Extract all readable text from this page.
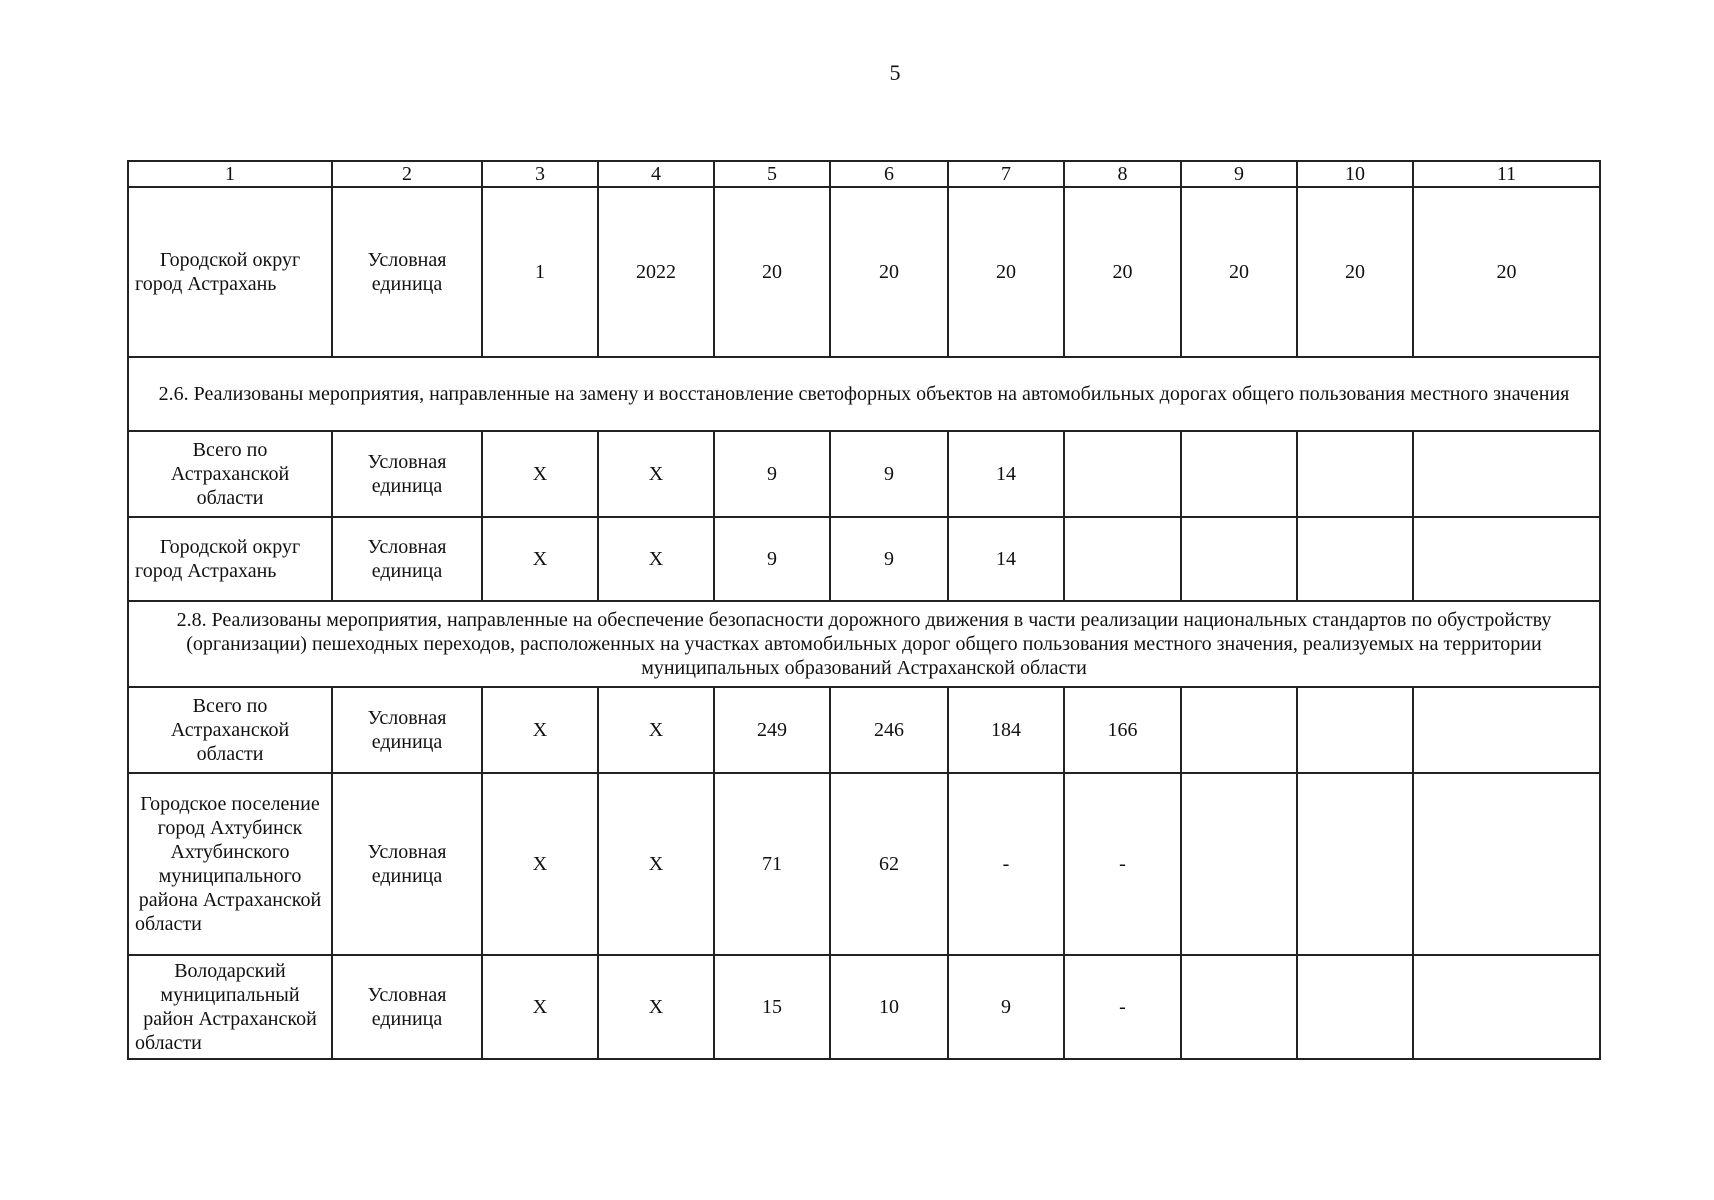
5
1	2	3	4	5	6	7	8	9	10	11
Городской округ город Астрахань	Условная единица	1	2022	20	20	20	20	20	20	20
2.6. Реализованы мероприятия, направленные на замену и восстановление светофорных объектов на автомобильных дорогах общего пользования местного значения										
Всего по Астраханской области	Условная единица	Х	Х	9	9	14				
Городской округ город Астрахань	Условная единица	Х	Х	9	9	14				
2.8. Реализованы мероприятия, направленные на обеспечение безопасности дорожного движения в части реализации национальных стандартов по обустройству (организации) пешеходных переходов, расположенных на участках автомобильных дорог общего пользования местного значения, реализуемых на территории муниципальных образований Астраханской области										
Всего по Астраханской области	Условная единица	Х	Х	249	246	184	166			
Городское поселение город Ахтубинск Ахтубинского муниципального района Астраханской области	Условная единица	Х	Х	71	62	-	-			
Володарский муниципальный район Астраханской области	Условная единица	Х	Х	15	10	9	-			
